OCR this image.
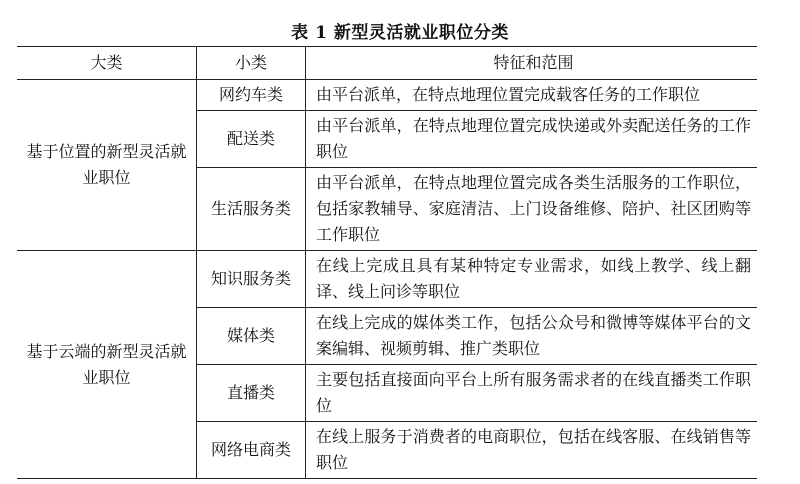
表 1 新型灵活就业职位分类
大类	小类	特征和范围
基于位置的新型灵活就业职位	网约车类	由平台派单，在特点地理位置完成载客任务的工作职位
	配送类	由平台派单，在特点地理位置完成快递或外卖配送任务的工作职位
	生活服务类	由平台派单，在特点地理位置完成各类生活服务的工作职位，包括家教辅导、家庭清洁、上门设备维修、陪护、社区团购等工作职位
基于云端的新型灵活就业职位	知识服务类	在线上完成且具有某种特定专业需求，如线上教学、线上翻译、线上问诊等职位
	媒体类	在线上完成的媒体类工作，包括公众号和微博等媒体平台的文案编辑、视频剪辑、推广类职位
	直播类	主要包括直接面向平台上所有服务需求者的在线直播类工作职位
	网络电商类	在线上服务于消费者的电商职位，包括在线客服、在线销售等职位
